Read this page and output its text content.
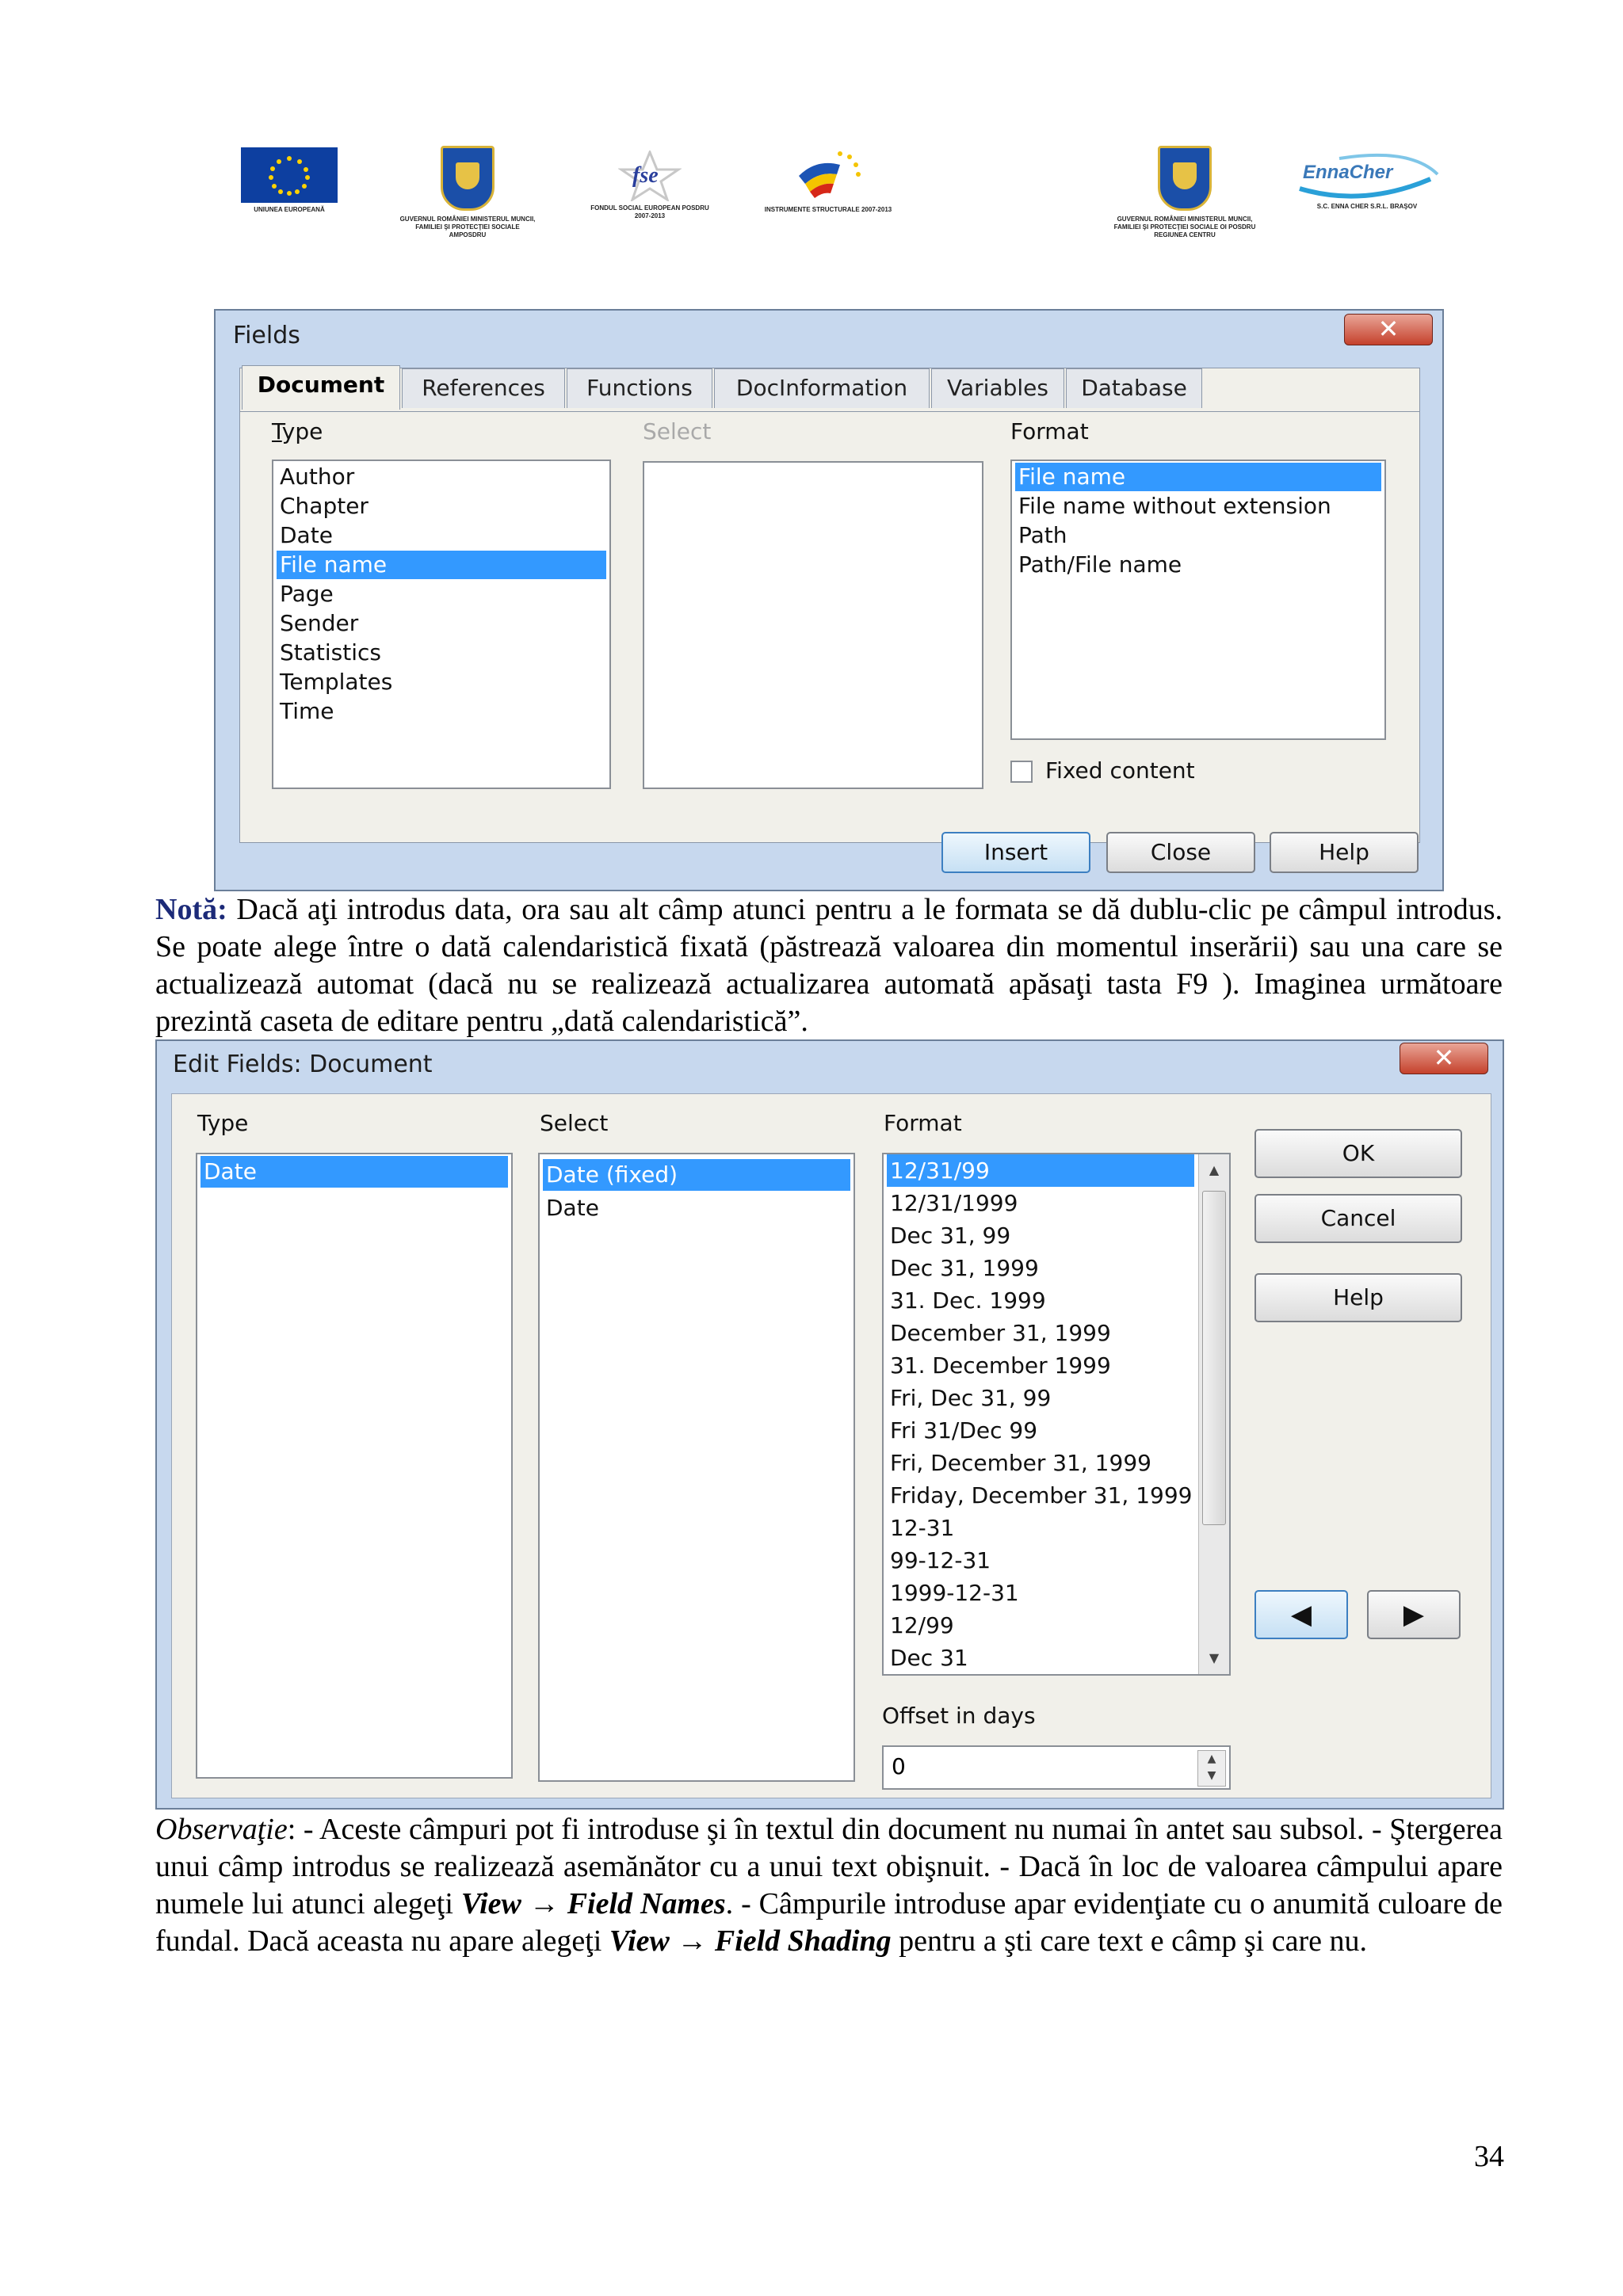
UNIUNEA EUROPEANĂ
GUVERNUL ROMÂNIEI MINISTERUL MUNCII, FAMILIEI ŞI PROTECŢIEI SOCIALE AMPOSDRU
fse
FONDUL SOCIAL EUROPEAN POSDRU 2007-2013
INSTRUMENTE STRUCTURALE 2007-2013
GUVERNUL ROMÂNIEI MINISTERUL MUNCII, FAMILIEI ŞI PROTECŢIEI SOCIALE OI POSDRU REGIUNEA CENTRU
EnnaCher
S.C. ENNA CHER S.R.L. BRAŞOV
Fields	✕
Document	References	Functions	DocInformation	Variables	Database
Type	Select	Format
Author
Chapter
Date
File name
Page
Sender
Statistics
Templates
Time
File name
File name without extension
Path
Path/File name
Fixed content
Insert	Close	Help
Notă: Dacă aţi introdus data, ora sau alt câmp atunci pentru a le formata se dă dublu-clic pe câmpul introdus. Se poate alege între o dată calendaristică fixată (păstrează valoarea din momentul inserării) sau una care se actualizează automat (dacă nu se realizează actualizarea automată apăsaţi tasta F9 ). Imaginea următoare prezintă caseta de editare pentru „dată calendaristică”.
Edit Fields: Document	✕
Type	Select	Format
Date	Date (fixed)
Date
12/31/99
12/31/1999
Dec 31, 99
Dec 31, 1999
31. Dec. 1999
December 31, 1999
31. December 1999
Fri, Dec 31, 99
Fri 31/Dec 99
Fri, December 31, 1999
Friday, December 31, 1999
12-31
99-12-31
1999-12-31
12/99
Dec 31
▲
▼
Offset in days
0	▲
▼
OK
Cancel
Help
◀	▶
Observaţie: - Aceste câmpuri pot fi introduse şi în textul din document nu numai în antet sau subsol. - Ştergerea unui câmp introdus se realizează asemănător cu a unui text obişnuit. - Dacă în loc de valoarea câmpului apare numele lui atunci alegeţi View → Field Names. - Câmpurile introduse apar evidenţiate cu o anumită culoare de fundal. Dacă aceasta nu apare alegeţi View → Field Shading pentru a şti care text e câmp şi care nu.
34
